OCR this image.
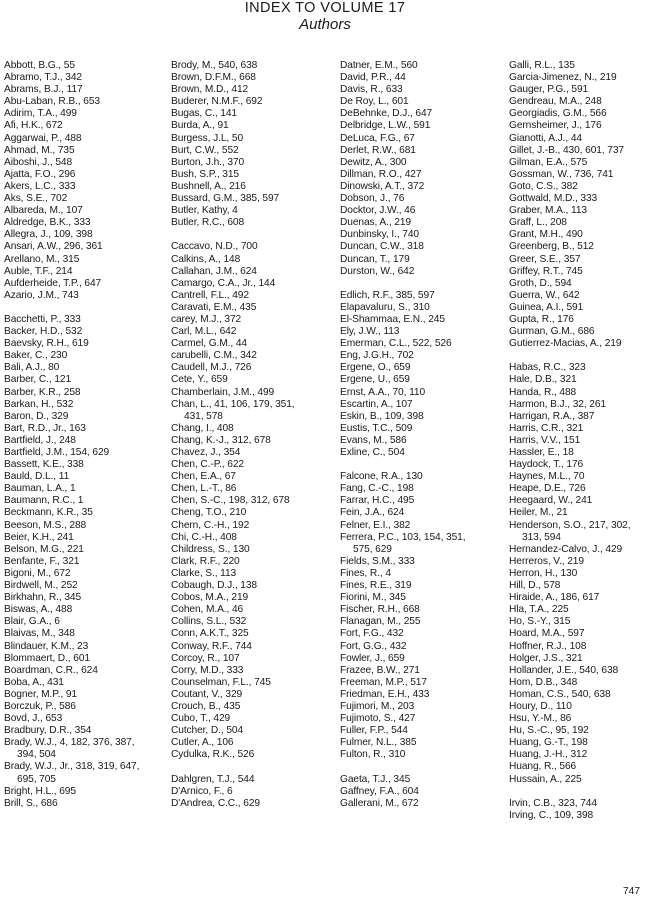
INDEX TO VOLUME 17
Authors
Abbott, B.G., 55
Abramo, T.J., 342
Abrams, B.J., 117
Abu-Laban, R.B., 653
Adirim, T.A., 499
Afi, H.K., 672
Aggarwai, P., 488
Ahmad, M., 735
Aiboshi, J., 548
Ajatta, F.O., 296
Akers, L.C., 333
Aks, S.E., 702
Albareda, M., 107
Aldredge, B.K., 333
Allegra, J., 109, 398
Ansari, A.W., 296, 361
Arellano, M., 315
Auble, T.F., 214
Aufderheide, T.P., 647
Azario, J.M., 743
Bacchetti, P., 333
Backer, H.D., 532
Baevsky, R.H., 619
Baker, C., 230
Bali, A.J., 80
Barber, C., 121
Barber, K.R., 258
Barkan, H., 532
Baron, D., 329
Bart, R.D., Jr., 163
Bartfield, J., 248
Bartfield, J.M., 154, 629
Bassett, K.E., 338
Bauld, D.L., 11
Bauman, L.A., 1
Baumann, R.C., 1
Beckmann, K.R., 35
Beeson, M.S., 288
Beier, K.H., 241
Belson, M.G., 221
Benfante, F., 321
Bigoni, M., 672
Birdwell, M., 252
Birkhahn, R., 345
Biswas, A., 488
Blair, G.A., 6
Blaivas, M., 348
Blindauer, K.M., 23
Blommaert, D., 601
Boardman, C.R., 624
Boba, A., 431
Bogner, M.P., 91
Borczuk, P., 586
Bovd, J., 653
Bradbury, D.R., 354
Brady, W.J., 4, 182, 376, 387,
394, 504
Brady, W.J., Jr., 318, 319, 647,
695, 705
Bright, H.L., 695
Brill, S., 686
Brody, M., 540, 638
Brown, D.F.M., 668
Brown, M.D., 412
Buderer, N.M.F., 692
Bugas, C., 141
Burda, A., 91
Burgess, J.L, 50
Burt, C.W., 552
Burton, J.h., 370
Bush, S.P., 315
Bushnell, A., 216
Bussard, G.M., 385, 597
Butler, Kathy, 4
Butler, R.C., 608
Caccavo, N.D., 700
Calkins, A., 148
Callahan, J.M., 624
Camargo, C.A., Jr., 144
Cantrell, F.L., 492
Caravati, E.M., 435
carey, M.J., 372
Carl, M.L., 642
Carmel, G.M., 44
carubelli, C.M., 342
Caudell, M.J., 726
Cete, Y., 659
Chamberlain, J.M., 499
Chan, L., 41, 106, 179, 351,
431, 578
Chang, I., 408
Chang, K.-J., 312, 678
Chavez, J., 354
Chen, C.-P., 622
Chen, E.A., 67
Chen, L.-T., 86
Chen, S.-C., 198, 312, 678
Cheng, T.O., 210
Chern, C.-H., 192
Chi, C.-H., 408
Childress, S., 130
Clark, R.F., 220
Clarke, S., 113
Cobaugh, D.J., 138
Cobos, M.A., 219
Cohen, M.A., 46
Collins, S.L., 532
Conn, A.K.T., 325
Conway, R.F., 744
Corcoy, R., 107
Corry, M.D., 333
Counselman, F.L., 745
Coutant, V., 329
Crouch, B., 435
Cubo, T., 429
Cutcher, D., 504
Cutler, A., 106
Cydulka, R.K., 526
Dahlgren, T.J., 544
D'Arnico, F., 6
D'Andrea, C.C., 629
Datner, E.M., 560
David, P.R., 44
Davis, R., 633
De Roy, L., 601
DeBehnke, D.J., 647
Delbridge, L.W., 591
DeLuca, F.G., 67
Derlet, R.W., 681
Dewitz, A., 300
Dillman, R.O., 427
Dinowski, A.T., 372
Dobson, J., 76
Docktor, J.W., 46
Duenas, A., 219
Dunbinsky, I., 740
Duncan, C.W., 318
Duncan, T., 179
Durston, W., 642
Edlich, R.F., 385, 597
Elapavaluru, S., 310
El-Shammaa, E.N., 245
Ely, J.W., 113
Emerman, C.L., 522, 526
Eng, J.G.H., 702
Ergene, O., 659
Ergene, U., 659
Ernst, A.A., 70, 110
Escartin, A., 107
Eskin, B., 109, 398
Eustis, T.C., 509
Evans, M., 586
Exline, C., 504
Falcone, R.A., 130
Fang, C.-C., 198
Farrar, H.C., 495
Fein, J.A., 624
Felner, E.I., 382
Ferrera, P.C., 103, 154, 351,
575, 629
Fields, S.M., 333
Fines, R., 4
Fines, R.E., 319
Fiorini, M., 345
Fischer, R.H., 668
Flanagan, M., 255
Fort, F.G., 432
Fort, G.G., 432
Fowler, J., 659
Frazee, B.W., 271
Freeman, M.P., 517
Friedman, E.H., 433
Fujimori, M., 203
Fujimoto, S., 427
Fuller, F.P., 544
Fulmer, N.L., 385
Fulton, R., 310
Gaeta, T.J., 345
Gaffney, F.A., 604
Gallerani, M., 672
Galli, R.L., 135
Garcia-Jimenez, N., 219
Gauger, P.G., 591
Gendreau, M.A., 248
Georgiadis, G.M., 566
Gernsheimer, J., 176
Gianotti, A.J., 44
Gillet, J.-B., 430, 601, 737
Gilman, E.A., 575
Gossman, W., 736, 741
Goto, C.S., 382
Gottwald, M.D., 333
Graber, M.A., 113
Graff, L., 208
Grant, M.H., 490
Greenberg, B., 512
Greer, S.E., 357
Griffey, R.T., 745
Groth, D., 594
Guerra, W., 642
Guinea, A.I., 591
Gupta, R., 176
Gurman, G.M., 686
Gutierrez-Macias, A., 219
Habas, R.C., 323
Hale, D.B., 321
Handa, R., 488
Harmon, B.J., 32, 261
Harrigan, R.A., 387
Harris, C.R., 321
Harris, V.V., 151
Hassler, E., 18
Haydock, T., 176
Haynes, M.L., 70
Heape, D.E., 726
Heegaard, W., 241
Heiler, M., 21
Henderson, S.O., 217, 302,
313, 594
Hernandez-Calvo, J., 429
Herreros, V., 219
Herron, H., 130
Hill, D., 578
Hiraide, A., 186, 617
Hla, T.A., 225
Ho, S.-Y., 315
Hoard, M.A., 597
Hoffner, R.J., 108
Holger, J.S., 321
Hollander, J.E., 540, 638
Hom, D.B., 348
Homan, C.S., 540, 638
Houry, D., 110
Hsu, Y.-M., 86
Hu, S.-C., 95, 192
Huang, G.-T., 198
Huang, J.-H., 312
Huang, R., 566
Hussain, A., 225
Irvin, C.B., 323, 744
Irving, C., 109, 398
747
